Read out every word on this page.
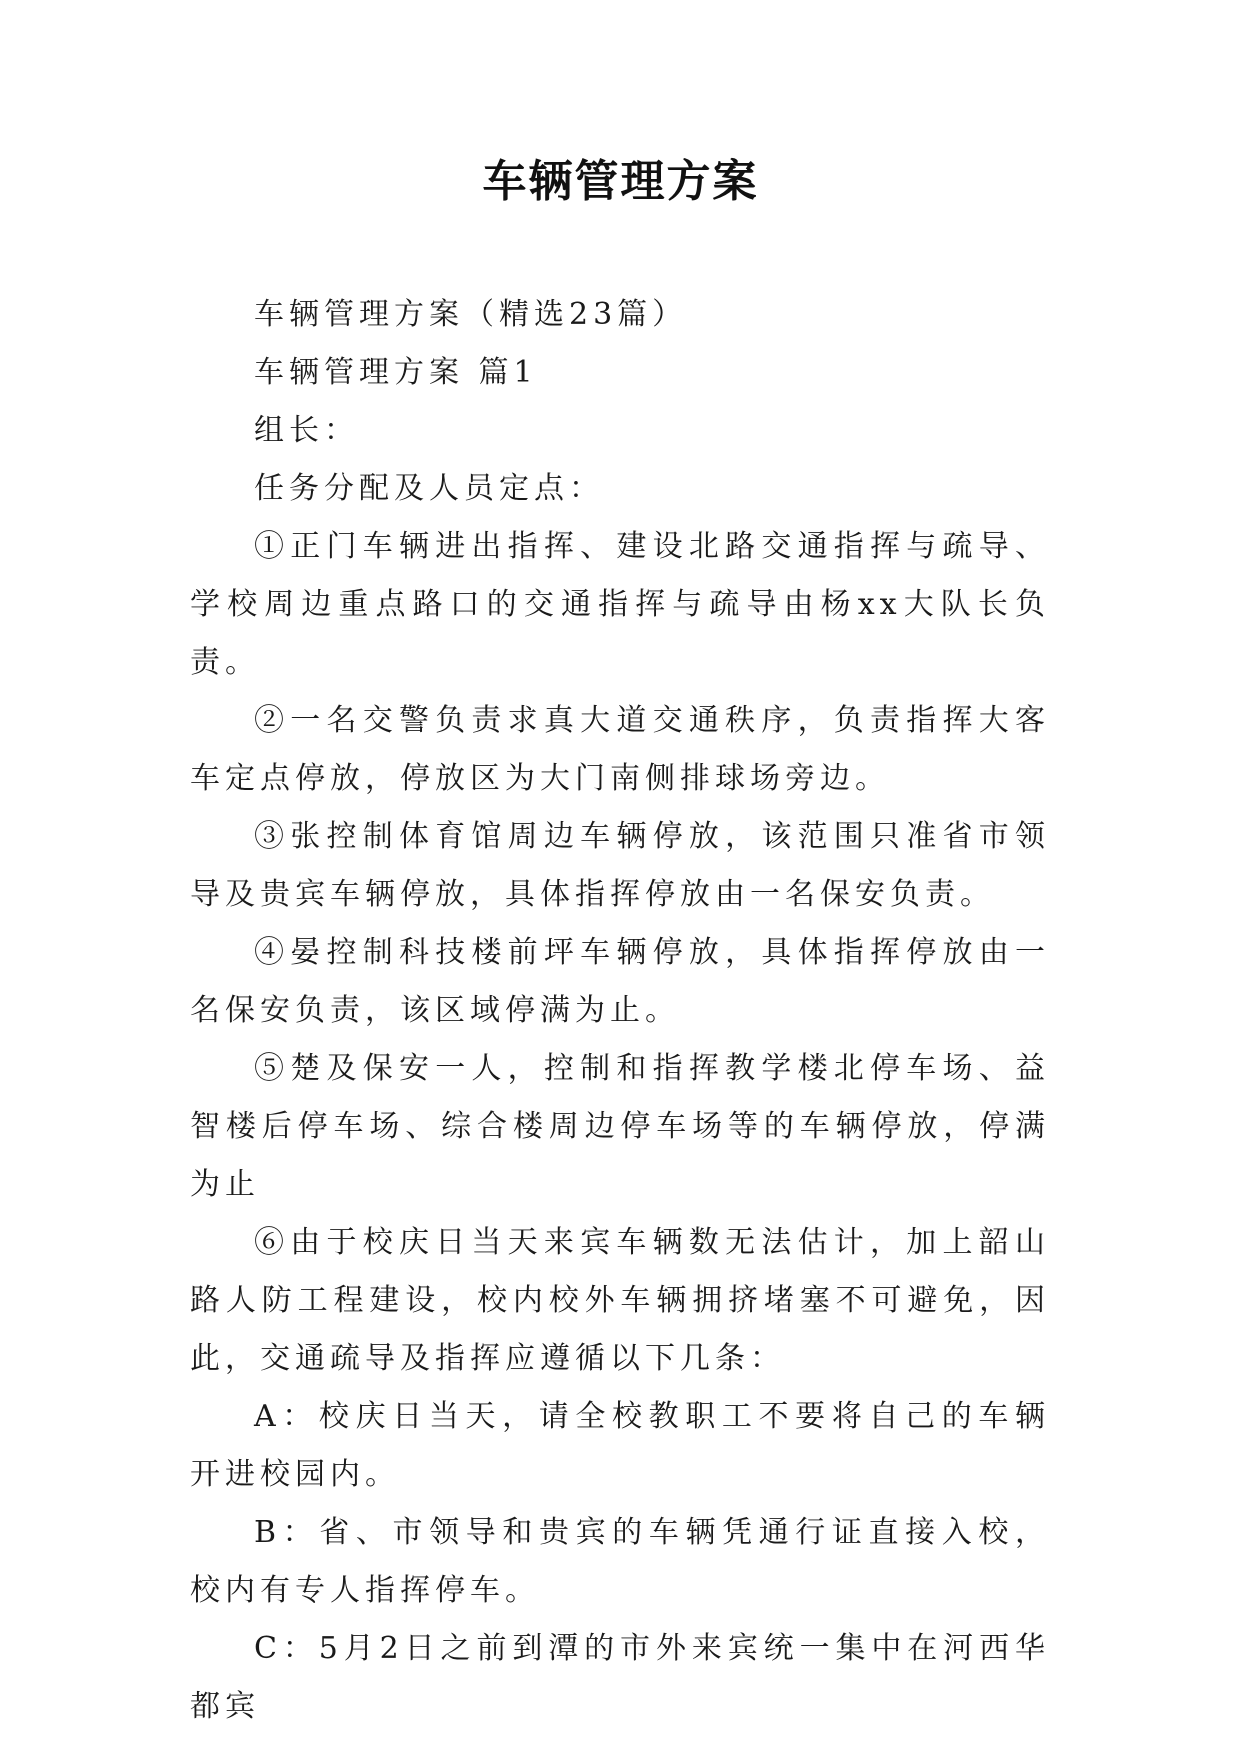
车辆管理方案

车辆管理方案（精选23篇）

车辆管理方案 篇1

组长：

任务分配及人员定点：

①正门车辆进出指挥、建设北路交通指挥与疏导、学校周边重点路口的交通指挥与疏导由杨xx大队长负责。

②一名交警负责求真大道交通秩序，负责指挥大客车定点停放，停放区为大门南侧排球场旁边。

③张控制体育馆周边车辆停放，该范围只准省市领导及贵宾车辆停放，具体指挥停放由一名保安负责。

④晏控制科技楼前坪车辆停放，具体指挥停放由一名保安负责，该区域停满为止。

⑤楚及保安一人，控制和指挥教学楼北停车场、益智楼后停车场、综合楼周边停车场等的车辆停放，停满为止

⑥由于校庆日当天来宾车辆数无法估计，加上韶山路人防工程建设，校内校外车辆拥挤堵塞不可避免，因此，交通疏导及指挥应遵循以下几条：

A：校庆日当天，请全校教职工不要将自己的车辆开进校园内。

B：省、市领导和贵宾的车辆凭通行证直接入校，校内有专人指挥停车。

C：5月2日之前到潭的市外来宾统一集中在河西华都宾
